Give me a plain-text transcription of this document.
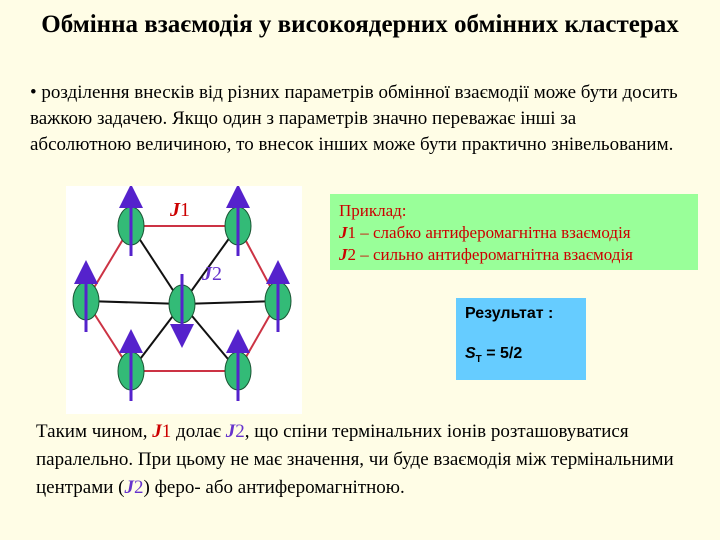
Обмінна взаємодія у високоядерних обмінних кластерах
• розділення внесків від різних параметрів обмінної взаємодії може бути досить важкою задачею. Якщо один з параметрів значно переважає інші за абсолютною величиною, то внесок інших може бути практично знівельованим.
J1
J2
Приклад:
J1 – слабко антиферомагнітна взаємодія
J2 – сильно антиферомагнітна взаємодія
Результат :
$S_T = 5/2$
Таким чином, J1 долає J2, що спіни термінальних іонів розташовуватися паралельно. При цьому не має значення, чи буде взаємодія між термінальними центрами (J2) феро- або антиферомагнітною.
